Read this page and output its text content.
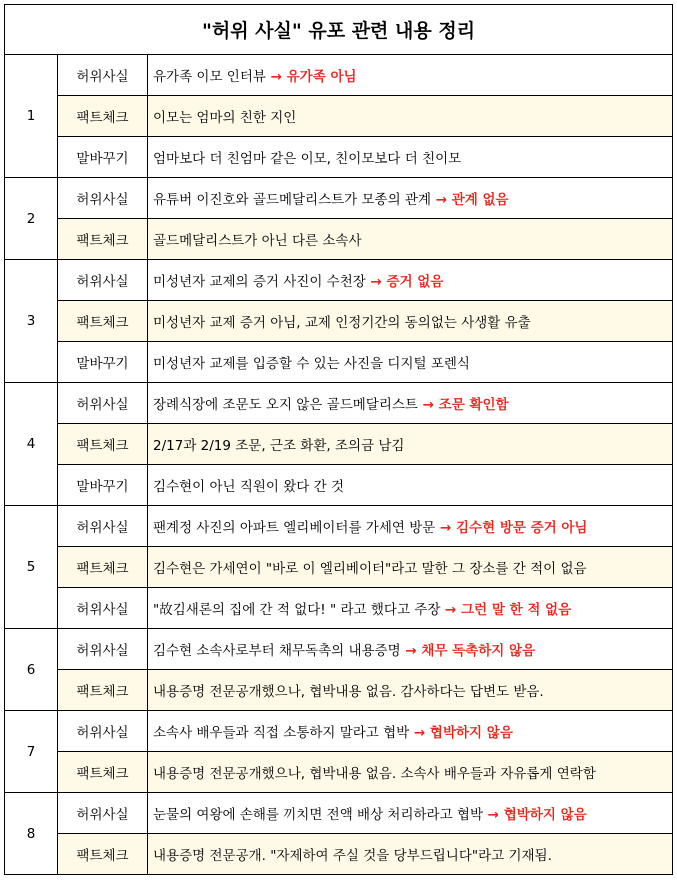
"허위 사실" 유포 관련 내용 정리		
1	허위사실	유가족 이모 인터뷰 → 유가족 아님
	팩트체크	이모는 엄마의 친한 지인
	말바꾸기	엄마보다 더 친엄마 같은 이모, 친이모보다 더 친이모
2	허위사실	유튜버 이진호와 골드메달리스트가 모종의 관계 → 관계 없음
	팩트체크	골드메달리스트가 아닌 다른 소속사
3	허위사실	미성년자 교제의 증거 사진이 수천장 → 증거 없음
	팩트체크	미성년자 교제 증거 아님, 교제 인정기간의 동의없는 사생활 유출
	말바꾸기	미성년자 교제를 입증할 수 있는 사진을 디지털 포렌식
4	허위사실	장례식장에 조문도 오지 않은 골드메달리스트 → 조문 확인함
	팩트체크	2/17과 2/19 조문, 근조 화환, 조의금 남김
	말바꾸기	김수현이 아닌 직원이 왔다 간 것
5	허위사실	팬계정 사진의 아파트 엘리베이터를 가세연 방문 → 김수현 방문 증거 아님
	팩트체크	김수현은 가세연이 "바로 이 엘리베이터"라고 말한 그 장소를 간 적이 없음
	허위사실	"故김새론의 집에 간 적 없다! " 라고 했다고 주장 → 그런 말 한 적 없음
6	허위사실	김수현 소속사로부터 채무독촉의 내용증명 → 채무 독촉하지 않음
	팩트체크	내용증명 전문공개했으나, 협박내용 없음. 감사하다는 답변도 받음.
7	허위사실	소속사 배우들과 직접 소통하지 말라고 협박 → 협박하지 않음
	팩트체크	내용증명 전문공개했으나, 협박내용 없음. 소속사 배우들과 자유롭게 연락함
8	허위사실	눈물의 여왕에 손해를 끼치면 전액 배상 처리하라고 협박 → 협박하지 않음
	팩트체크	내용증명 전문공개. "자제하여 주실 것을 당부드립니다"라고 기재됨.
